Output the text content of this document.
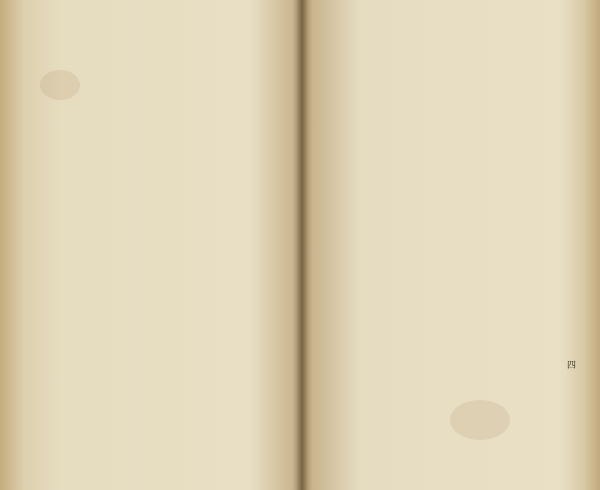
四
